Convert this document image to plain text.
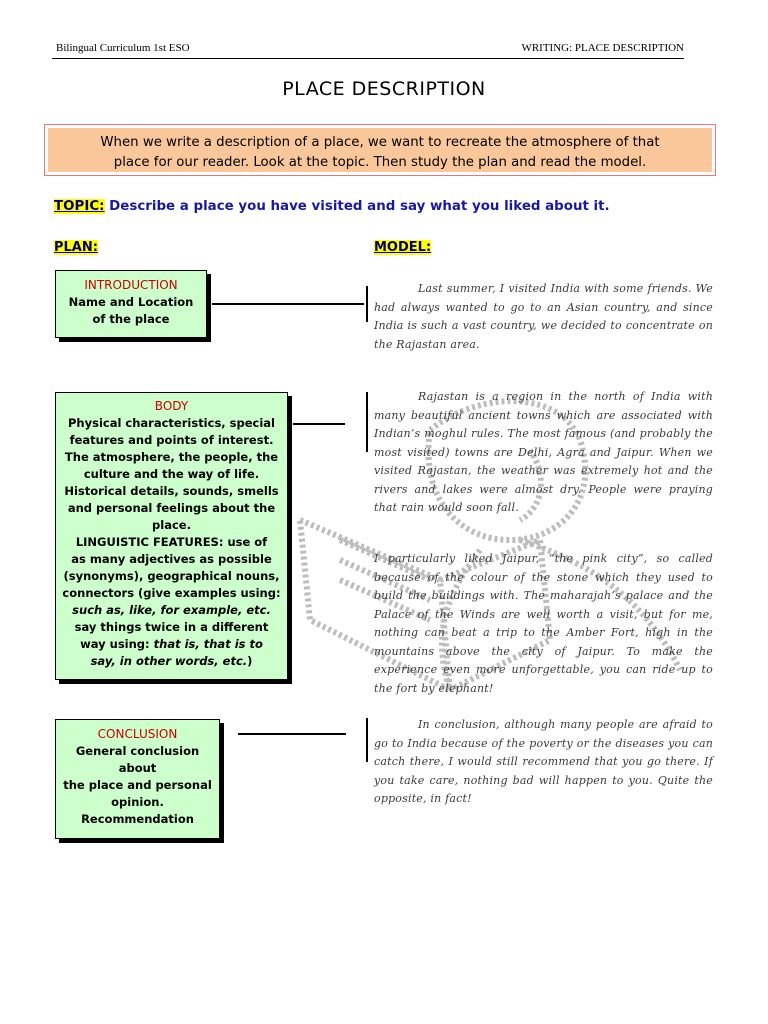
Bilingual Curriculum 1st ESO	WRITING: PLACE DESCRIPTION
PLACE DESCRIPTION
When we write a description of a place, we want to recreate the atmosphere of that
place for our reader. Look at the topic. Then study the plan and read the model.
TOPIC: Describe a place you have visited and say what you liked about it.
PLAN:	MODEL:
INTRODUCTION
Name and Location
of the place
BODY
Physical characteristics, special
features and points of interest.
The atmosphere, the people, the
culture and the way of life.
Historical details, sounds, smells
and personal feelings about the
place.
LINGUISTIC FEATURES: use of
as many adjectives as possible
(synonyms), geographical nouns,
connectors (give examples using:
such as, like, for example, etc.
say things twice in a different
way using: that is, that is to
say, in other words, etc.)
CONCLUSION
General conclusion about
the place and personal
opinion.
Recommendation
Last summer, I visited India with some friends. We had always wanted to go to an Asian country, and since India is such a vast country, we decided to concentrate on the Rajastan area.
Rajastan is a region in the north of India with many beautiful ancient towns which are associated with Indian’s moghul rules. The most famous (and probably the most visited) towns are Delhi, Agra and Jaipur. When we visited Rajastan, the weather was extremely hot and the rivers and lakes were almost dry. People were praying that rain would soon fall.
I particularly liked Jaipur, “the pink city”, so called because of the colour of the stone which they used to build the buildings with. The maharajah’s palace and the Palace of the Winds are well worth a visit, but for me, nothing can beat a trip to the Amber Fort, high in the mountains above the city of Jaipur. To make the experience even more unforgettable, you can ride up to the fort by elephant!
In conclusion, although many people are afraid to go to India because of the poverty or the diseases you can catch there, I would still recommend that you go there. If you take care, nothing bad will happen to you. Quite the opposite, in fact!
